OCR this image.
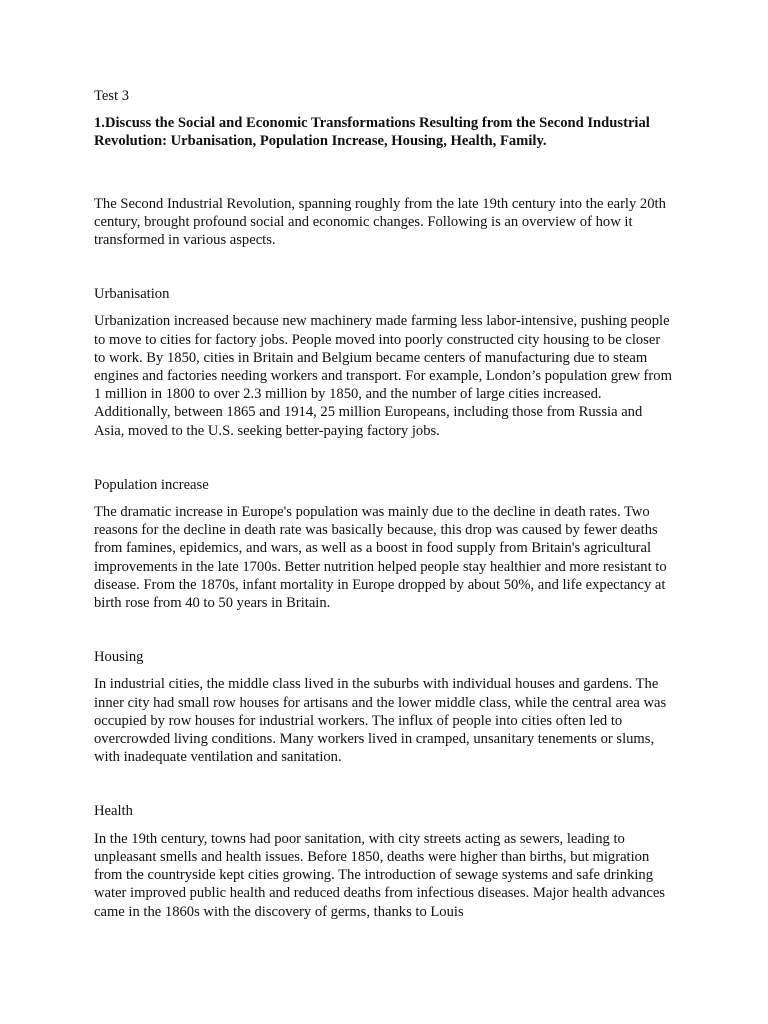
Test 3

1.Discuss the Social and Economic Transformations Resulting from the Second Industrial Revolution: Urbanisation, Population Increase, Housing, Health, Family.

The Second Industrial Revolution, spanning roughly from the late 19th century into the early 20th century, brought profound social and economic changes. Following is an overview of how it transformed in various aspects.

Urbanisation

Urbanization increased because new machinery made farming less labor-intensive, pushing people to move to cities for factory jobs. People moved into poorly constructed city housing to be closer to work. By 1850, cities in Britain and Belgium became centers of manufacturing due to steam engines and factories needing workers and transport. For example, London’s population grew from 1 million in 1800 to over 2.3 million by 1850, and the number of large cities increased. Additionally, between 1865 and 1914, 25 million Europeans, including those from Russia and Asia, moved to the U.S. seeking better-paying factory jobs.

Population increase

The dramatic increase in Europe's population was mainly due to the decline in death rates. Two reasons for the decline in death rate was basically because, this drop was caused by fewer deaths from famines, epidemics, and wars, as well as a boost in food supply from Britain's agricultural improvements in the late 1700s. Better nutrition helped people stay healthier and more resistant to disease. From the 1870s, infant mortality in Europe dropped by about 50%, and life expectancy at birth rose from 40 to 50 years in Britain.

Housing

In industrial cities, the middle class lived in the suburbs with individual houses and gardens. The inner city had small row houses for artisans and the lower middle class, while the central area was occupied by row houses for industrial workers. The influx of people into cities often led to overcrowded living conditions. Many workers lived in cramped, unsanitary tenements or slums, with inadequate ventilation and sanitation.

Health

In the 19th century, towns had poor sanitation, with city streets acting as sewers, leading to unpleasant smells and health issues. Before 1850, deaths were higher than births, but migration from the countryside kept cities growing. The introduction of sewage systems and safe drinking water improved public health and reduced deaths from infectious diseases. Major health advances came in the 1860s with the discovery of germs, thanks to Louis
